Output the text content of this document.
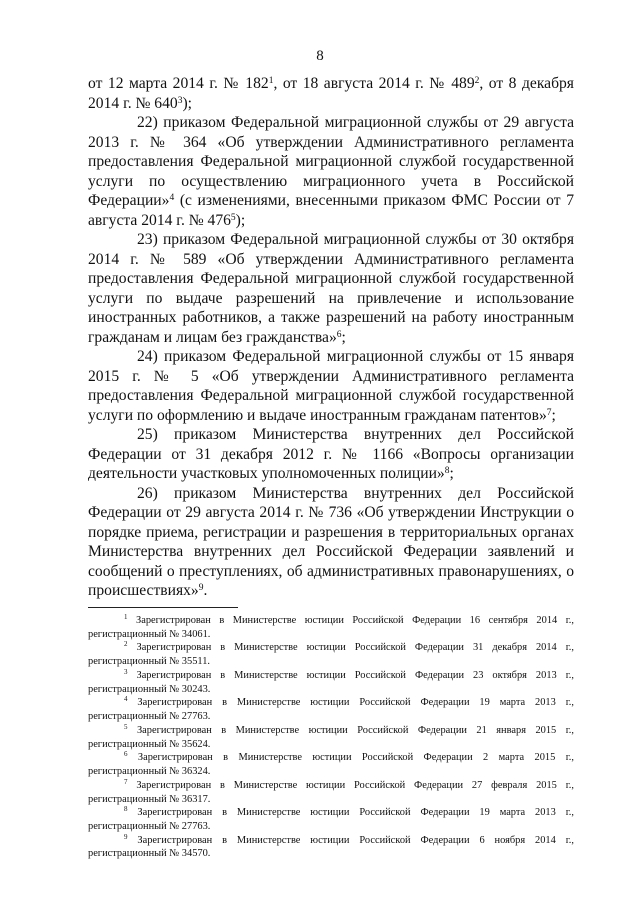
8

от 12 марта 2014 г. № $182^1$, от 18 августа 2014 г. № $489^2$, от 8 декабря 2014 г. № $640^3$);

22) приказом Федеральной миграционной службы от 29 августа 2013 г. № 364 «Об утверждении Административного регламента предоставления Федеральной миграционной службой государственной услуги по осуществлению миграционного учета в Российской Федерации»$^4$ (с изменениями, внесенными приказом ФМС России от 7 августа 2014 г. № $476^5$);

23) приказом Федеральной миграционной службы от 30 октября 2014 г. № 589 «Об утверждении Административного регламента предоставления Федеральной миграционной службой государственной услуги по выдаче разрешений на привлечение и использование иностранных работников, а также разрешений на работу иностранным гражданам и лицам без гражданства»$^6$;

24) приказом Федеральной миграционной службы от 15 января 2015 г. № 5 «Об утверждении Административного регламента предоставления Федеральной миграционной службой государственной услуги по оформлению и выдаче иностранным гражданам патентов»$^7$;

25) приказом Министерства внутренних дел Российской Федерации от 31 декабря 2012 г. № 1166 «Вопросы организации деятельности участковых уполномоченных полиции»$^8$;

26) приказом Министерства внутренних дел Российской Федерации от 29 августа 2014 г. № 736 «Об утверждении Инструкции о порядке приема, регистрации и разрешения в территориальных органах Министерства внутренних дел Российской Федерации заявлений и сообщений о преступлениях, об административных правонарушениях, о происшествиях»$^9$.

$^1$ Зарегистрирован в Министерстве юстиции Российской Федерации 16 сентября 2014 г., регистрационный № 34061.

$^2$ Зарегистрирован в Министерстве юстиции Российской Федерации 31 декабря 2014 г., регистрационный № 35511.

$^3$ Зарегистрирован в Министерстве юстиции Российской Федерации 23 октября 2013 г., регистрационный № 30243.

$^4$ Зарегистрирован в Министерстве юстиции Российской Федерации 19 марта 2013 г., регистрационный № 27763.

$^5$ Зарегистрирован в Министерстве юстиции Российской Федерации 21 января 2015 г., регистрационный № 35624.

$^6$ Зарегистрирован в Министерстве юстиции Российской Федерации 2 марта 2015 г., регистрационный № 36324.

$^7$ Зарегистрирован в Министерстве юстиции Российской Федерации 27 февраля 2015 г., регистрационный № 36317.

$^8$ Зарегистрирован в Министерстве юстиции Российской Федерации 19 марта 2013 г., регистрационный № 27763.

$^9$ Зарегистрирован в Министерстве юстиции Российской Федерации 6 ноября 2014 г., регистрационный № 34570.
